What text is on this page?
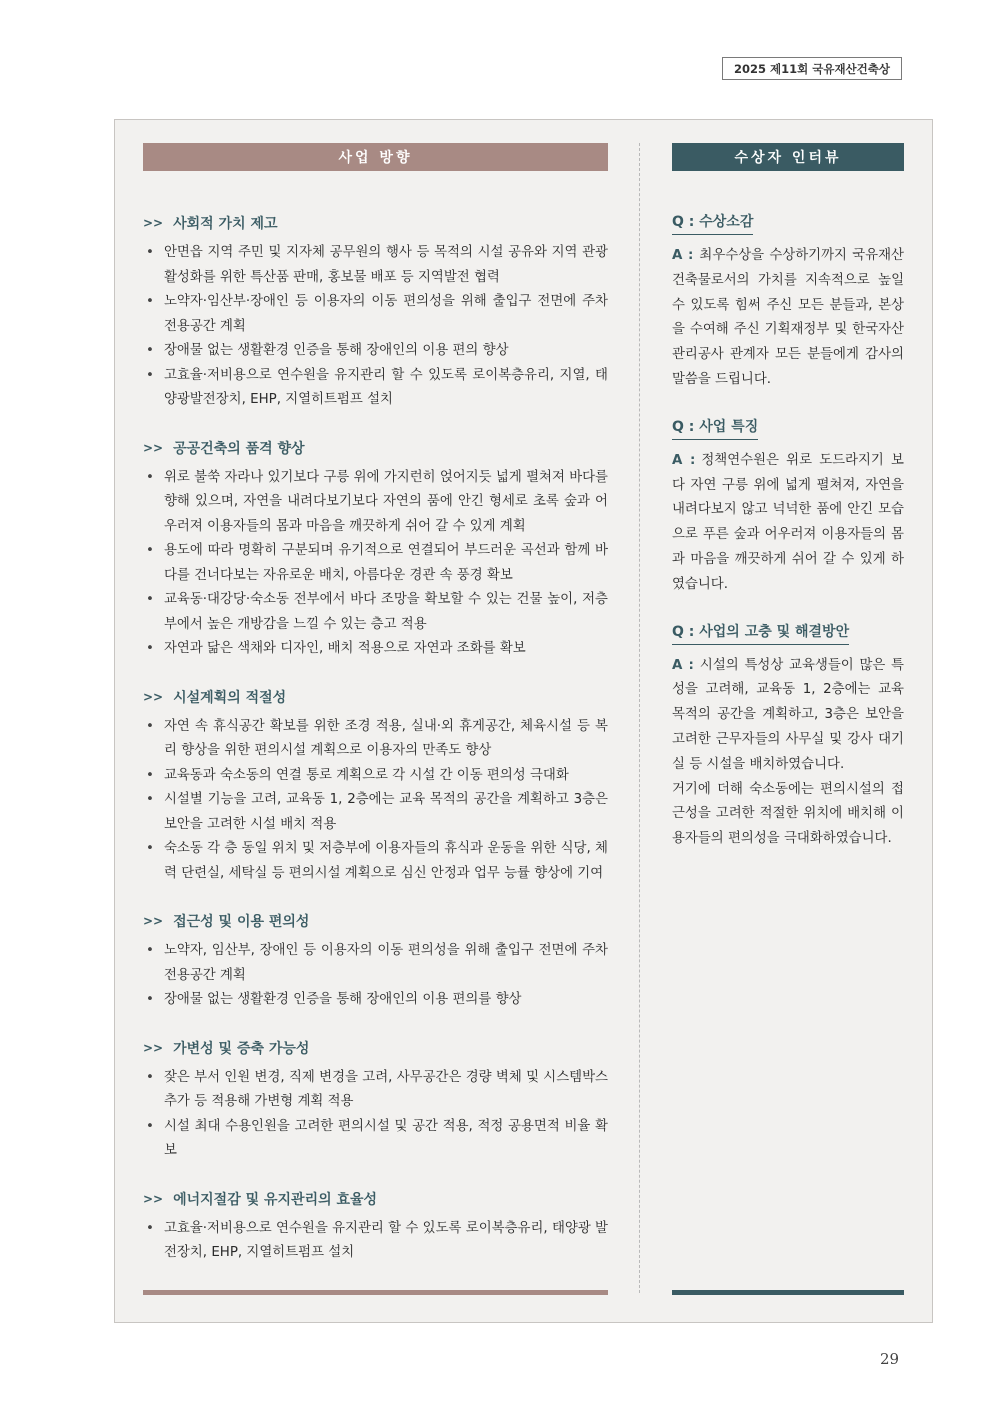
2025 제11회 국유재산건축상
사업 방향
>> 사회적 가치 제고
• 안면읍 지역 주민 및 지자체 공무원의 행사 등 목적의 시설 공유와 지역 관광 활성화를 위한 특산품 판매, 홍보물 배포 등 지역발전 협력
• 노약자·임산부·장애인 등 이용자의 이동 편의성을 위해 출입구 전면에 주차 전용공간 계획
• 장애물 없는 생활환경 인증을 통해 장애인의 이용 편의 향상
• 고효율·저비용으로 연수원을 유지관리 할 수 있도록 로이복층유리, 지열, 태양광발전장치, EHP, 지열히트펌프 설치
>> 공공건축의 품격 향상
• 위로 불쑥 자라나 있기보다 구릉 위에 가지런히 얹어지듯 넓게 펼쳐져 바다를 향해 있으며, 자연을 내려다보기보다 자연의 품에 안긴 형세로 초록 숲과 어우러져 이용자들의 몸과 마음을 깨끗하게 쉬어 갈 수 있게 계획
• 용도에 따라 명확히 구분되며 유기적으로 연결되어 부드러운 곡선과 함께 바다를 건너다보는 자유로운 배치, 아름다운 경관 속 풍경 확보
• 교육동·대강당·숙소동 전부에서 바다 조망을 확보할 수 있는 건물 높이, 저층부에서 높은 개방감을 느낄 수 있는 층고 적용
• 자연과 닮은 색채와 디자인, 배치 적용으로 자연과 조화를 확보
>> 시설계획의 적절성
• 자연 속 휴식공간 확보를 위한 조경 적용, 실내·외 휴게공간, 체육시설 등 복리 향상을 위한 편의시설 계획으로 이용자의 만족도 향상
• 교육동과 숙소동의 연결 통로 계획으로 각 시설 간 이동 편의성 극대화
• 시설별 기능을 고려, 교육동 1, 2층에는 교육 목적의 공간을 계획하고 3층은 보안을 고려한 시설 배치 적용
• 숙소동 각 층 동일 위치 및 저층부에 이용자들의 휴식과 운동을 위한 식당, 체력 단련실, 세탁실 등 편의시설 계획으로 심신 안정과 업무 능률 향상에 기여
>> 접근성 및 이용 편의성
• 노약자, 임산부, 장애인 등 이용자의 이동 편의성을 위해 출입구 전면에 주차 전용공간 계획
• 장애물 없는 생활환경 인증을 통해 장애인의 이용 편의를 향상
>> 가변성 및 증축 가능성
• 잦은 부서 인원 변경, 직제 변경을 고려, 사무공간은 경량 벽체 및 시스템박스 추가 등 적용해 가변형 계획 적용
• 시설 최대 수용인원을 고려한 편의시설 및 공간 적용, 적정 공용면적 비율 확보
>> 에너지절감 및 유지관리의 효율성
• 고효율·저비용으로 연수원을 유지관리 할 수 있도록 로이복층유리, 태양광 발전장치, EHP, 지열히트펌프 설치
수상자 인터뷰
Q : 수상소감
A : 최우수상을 수상하기까지 국유재산 건축물로서의 가치를 지속적으로 높일 수 있도록 힘써 주신 모든 분들과, 본상을 수여해 주신 기획재정부 및 한국자산관리공사 관계자 모든 분들에게 감사의 말씀을 드립니다.
Q : 사업 특징
A : 정책연수원은 위로 도드라지기 보다 자연 구릉 위에 넓게 펼쳐져, 자연을 내려다보지 않고 넉넉한 품에 안긴 모습으로 푸른 숲과 어우러져 이용자들의 몸과 마음을 깨끗하게 쉬어 갈 수 있게 하였습니다.
Q : 사업의 고충 및 해결방안
A : 시설의 특성상 교육생들이 많은 특성을 고려해, 교육동 1, 2층에는 교육 목적의 공간을 계획하고, 3층은 보안을 고려한 근무자들의 사무실 및 강사 대기실 등 시설을 배치하였습니다.
거기에 더해 숙소동에는 편의시설의 접근성을 고려한 적절한 위치에 배치해 이용자들의 편의성을 극대화하였습니다.
29
